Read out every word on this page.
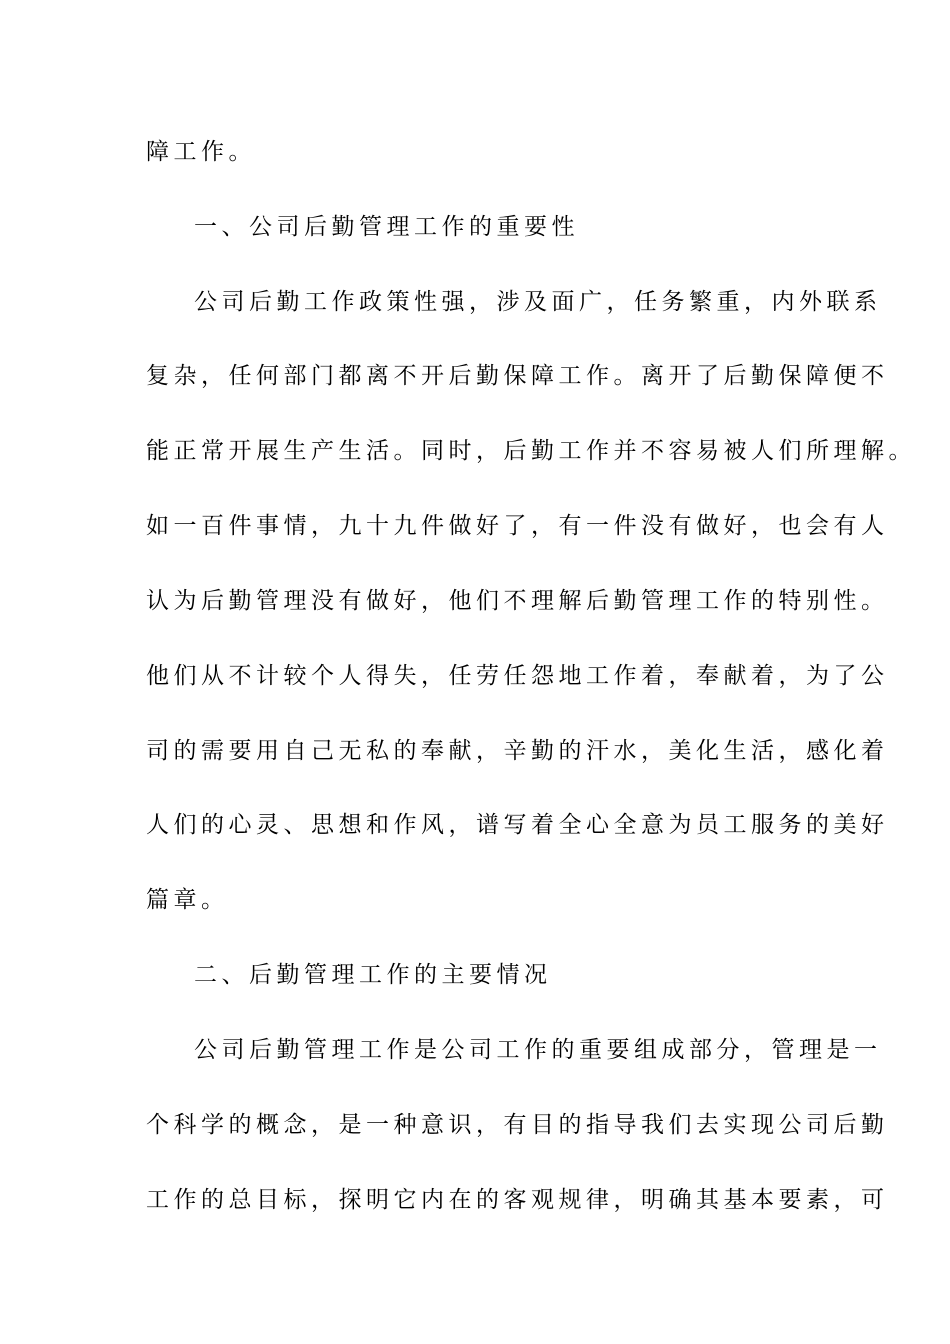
障工作。
一、公司后勤管理工作的重要性
公司后勤工作政策性强，涉及面广，任务繁重，内外联系
复杂，任何部门都离不开后勤保障工作。离开了后勤保障便不
能正常开展生产生活。同时，后勤工作并不容易被人们所理解。
如一百件事情，九十九件做好了，有一件没有做好，也会有人
认为后勤管理没有做好，他们不理解后勤管理工作的特别性。
他们从不计较个人得失，任劳任怨地工作着，奉献着，为了公
司的需要用自己无私的奉献，辛勤的汗水，美化生活，感化着
人们的心灵、思想和作风，谱写着全心全意为员工服务的美好
篇章。
二、后勤管理工作的主要情况
公司后勤管理工作是公司工作的重要组成部分，管理是一
个科学的概念，是一种意识，有目的指导我们去实现公司后勤
工作的总目标，探明它内在的客观规律，明确其基本要素，可
